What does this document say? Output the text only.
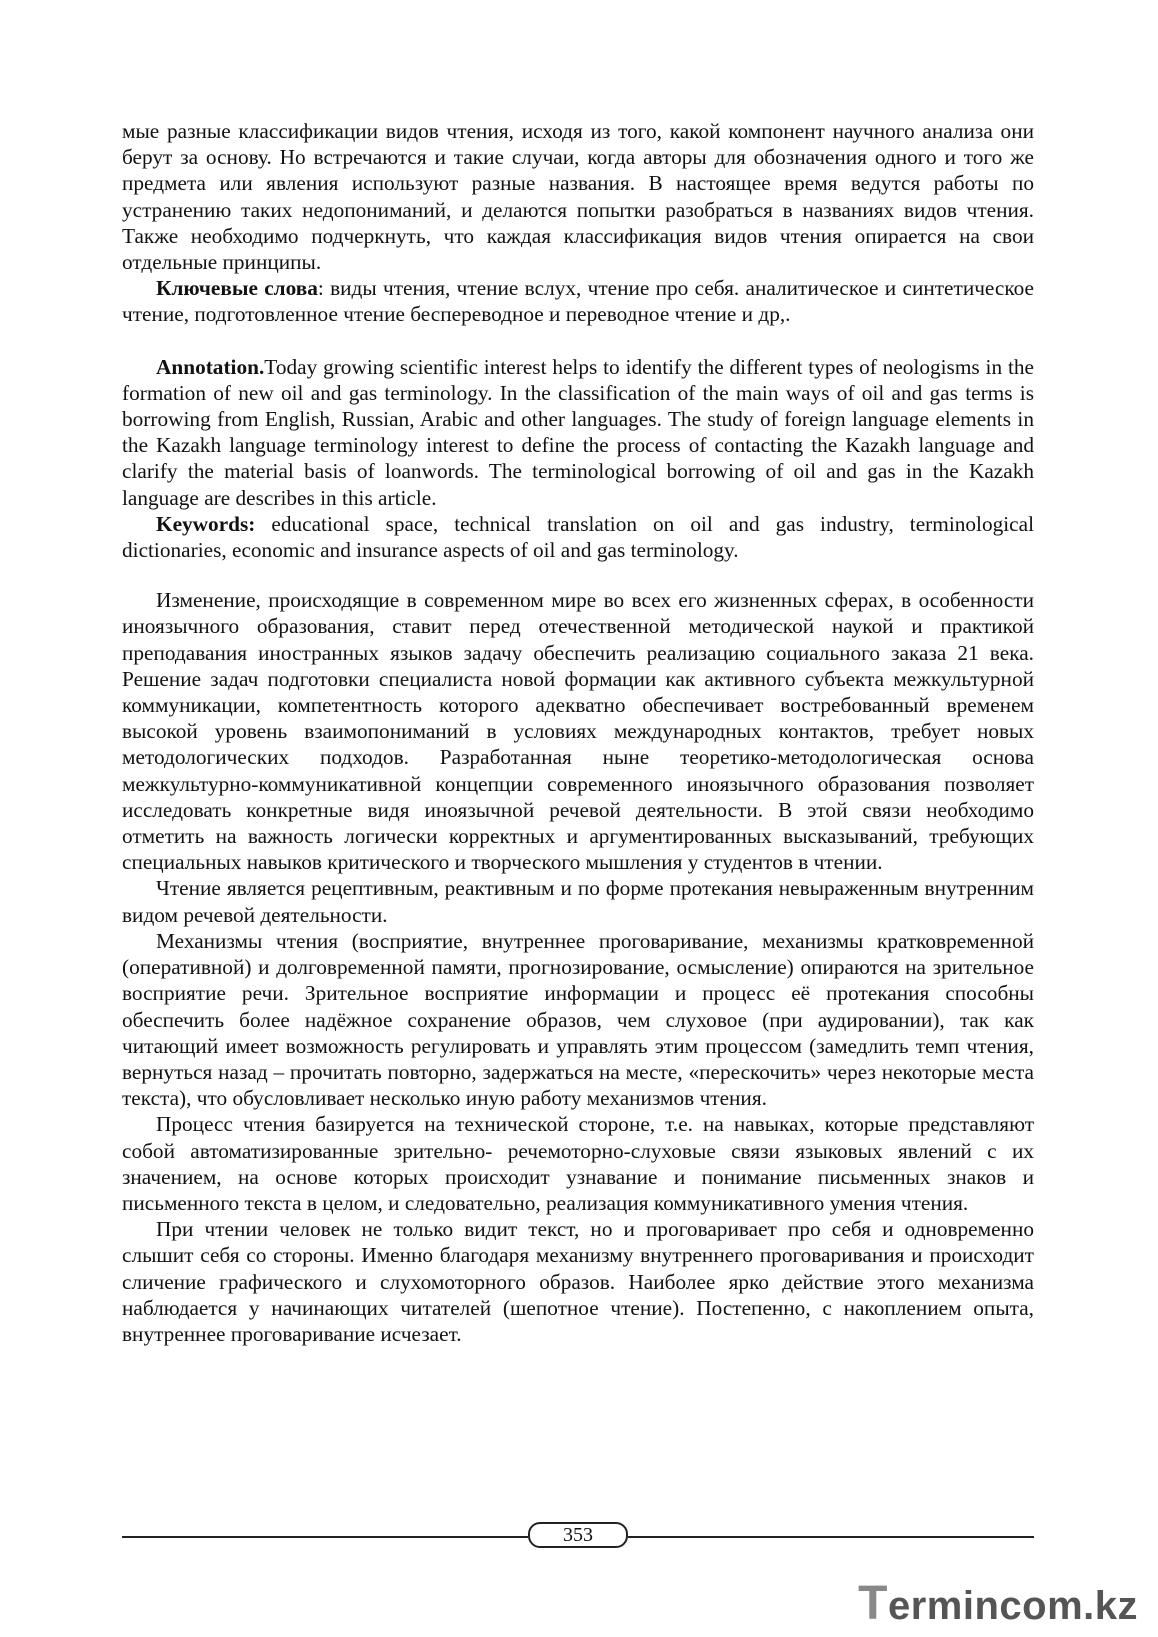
мые разные классификации видов чтения, исходя из того, какой компонент научного анализа они берут за основу. Но встречаются и такие случаи, когда авторы для обозначения одного и того же предмета или явления используют разные названия. В настоящее время ведутся работы по устранению таких недопониманий, и делаются попытки разобраться в названиях видов чтения. Также необходимо подчеркнуть, что каждая классификация видов чтения опирается на свои отдельные принципы.

Ключевые слова: виды чтения, чтение вслух, чтение про себя. аналитическое и синтетическое чтение, подготовленное чтение беспереводное и переводное чтение и др,.

Annotation.Today growing scientific interest helps to identify the different types of neologisms in the formation of new oil and gas terminology. In the classification of the main ways of oil and gas terms is borrowing from English, Russian, Arabic and other languages. The study of foreign language elements in the Kazakh language terminology interest to define the process of contacting the Kazakh language and clarify the material basis of loanwords. The terminological borrowing of oil and gas in the Kazakh language are describes in this article.

Keywords: educational space, technical translation on oil and gas industry, terminological dictionaries, economic and insurance aspects of oil and gas terminology.

Изменение, происходящие в современном мире во всех его жизненных сферах, в особенности иноязычного образования, ставит перед отечественной методической наукой и практикой преподавания иностранных языков задачу обеспечить реализацию социального заказа 21 века. Решение задач подготовки специалиста новой формации как активного субъекта межкультурной коммуникации, компетентность которого адекватно обеспечивает востребованный временем высокой уровень взаимопониманий в условиях международных контактов, требует новых методологических подходов. Разработанная ныне теоретико-методологическая основа межкультурно-коммуникативной концепции современного иноязычного образования позволяет исследовать конкретные видя иноязычной речевой деятельности. В этой связи необходимо отметить на важность логически корректных и аргументированных высказываний, требующих специальных навыков критического и творческого мышления у студентов в чтении.

Чтение является рецептивным, реактивным и по форме протекания невыраженным внутренним видом речевой деятельности.

Механизмы чтения (восприятие, внутреннее проговаривание, механизмы кратковременной (оперативной) и долговременной памяти, прогнозирование, осмысление) опираются на зрительное восприятие речи. Зрительное восприятие информации и процесс её протекания способны обеспечить более надёжное сохранение образов, чем слуховое (при аудировании), так как читающий имеет возможность регулировать и управлять этим процессом (замедлить темп чтения, вернуться назад – прочитать повторно, задержаться на месте, «перескочить» через некоторые места текста), что обусловливает несколько иную работу механизмов чтения.

Процесс чтения базируется на технической стороне, т.е. на навыках, которые представляют собой автоматизированные зрительно- речемоторно-слуховые связи языковых явлений с их значением, на основе которых происходит узнавание и понимание письменных знаков и письменного текста в целом, и следовательно, реализация коммуникативного умения чтения.

При чтении человек не только видит текст, но и проговаривает про себя и одновременно слышит себя со стороны. Именно благодаря механизму внутреннего проговаривания и происходит сличение графического и слухомоторного образов. Наиболее ярко действие этого механизма наблюдается у начинающих читателей (шепотное чтение). Постепенно, с накоплением опыта, внутреннее проговаривание исчезает.

353
Termincom.kz
